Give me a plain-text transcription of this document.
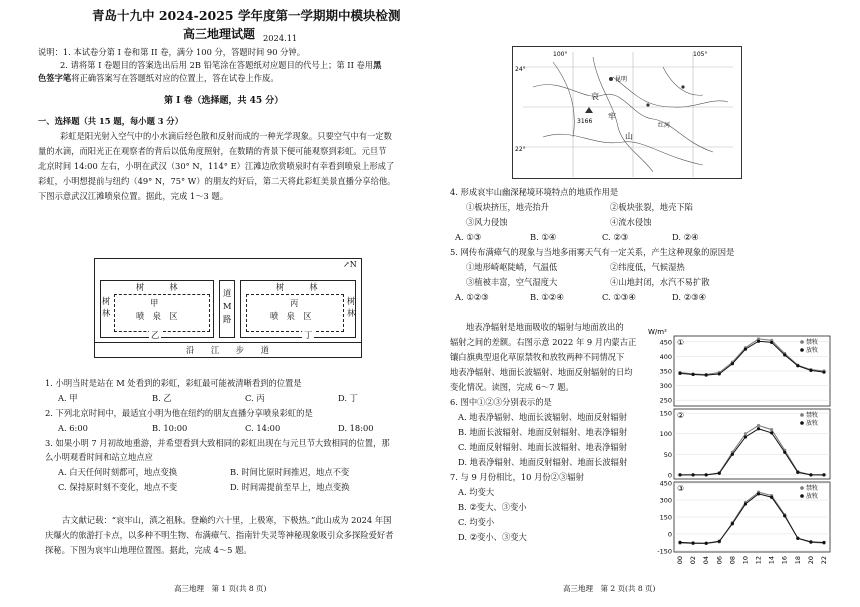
青岛十九中 2024-2025 学年度第一学期期中模块检测
高三地理试题 2024.11
说明：1. 本试卷分第 I 卷和第 II 卷，满分 100 分，答题时间 90 分钟。
2. 请将第 I 卷题目的答案选出后用 2B 铅笔涂在答题纸对应题目的代号上；第 II 卷用黑
色签字笔将正确答案写在答题纸对应的位置上，答在试卷上作废。
第 I 卷（选择题，共 45 分）
一、选择题（共 15 题，每小题 3 分）
彩虹是阳光射入空气中的小水滴后经色散和反射而成的一种光学现象。只要空气中有一定数
量的水滴，而阳光正在观察者的背后以低角度照射，在数睛的背景下便可能观察到彩虹。元旦节
北京时间 14:00 左右，小明在武汉（30° N，114° E）江滩边欣赏喷泉时有幸看到喷泉上形成了
彩虹，小明想提前与纽约（49° N，75° W）的朋友约好后，第二天将此彩虹美景直播分享给他。
下图示意武汉江滩喷泉位置。据此，完成 1～3 题。
↗N
树　　　林
树
林
甲
喷　泉　区
乙
道
M
路
树　　　林
树
林
丙
喷　泉　区
丁
沿　　江　　步　　道
1. 小明当时是站在 M 处看到的彩虹，彩虹最可能被清晰看到的位置是
A. 甲	B. 乙	C. 丙	D. 丁
2. 下列北京时间中，最适宜小明为他在纽约的朋友直播分享喷泉彩虹的是
A. 6:00	B. 10:00	C. 14:00	D. 18:00
3. 如果小明 7 月初故地重游，并希望看到大致相同的彩虹出现在与元旦节大致相同的位置，那
么小明观看时间和站立地点应
A. 白天任何时刻都可，地点变换	B. 时间比原时间推迟，地点不变
C. 保持原时刻不变化，地点不变	D. 时间需提前至早上，地点变换
古文献记载：“哀牢山，滇之祖脉。登巅约六十里，上极寒，下极热。”此山成为 2024 年国
庆爆火的旅游打卡点，以多种不明生物、布满瘴气、指南针失灵等神秘现象吸引众多探险爱好者
探秘。下图为哀牢山地理位置图。据此，完成 4～5 题。
高三地理　第 1 页(共 8 页)
100°	105°
24°
22°
昆明
3166
哀
牢
山
红河
4. 形成哀牢山幽深秘境环境特点的地质作用是
①板块挤压，地壳抬升	②板块张裂，地壳下陷
③风力侵蚀	④流水侵蚀
A. ①③	B. ①④	C. ②③	D. ②④
5. 网传布满瘴气的现象与当地多雨雾天气有一定关系，产生这种现象的原因是
①地形崎岖陡峭，气温低	②纬度低，气候湿热
③植被丰富，空气湿度大	④山地封闭，水汽不易扩散
A. ①②③	B. ①②④	C. ①③④	D. ②③④
地表净辐射是地面吸收的辐射与地面放出的
辐射之间的差额。右图示意 2022 年 9 月内蒙古正
镶白旗典型退化草原禁牧和放牧两种不同情况下
地表净辐射、地面长波辐射、地面反射辐射的日均
变化情况。读图，完成 6～7 题。
6. 图中①②③分别表示的是
A. 地表净辐射、地面长波辐射、地面反射辐射
B. 地面长波辐射、地面反射辐射、地表净辐射
C. 地面反射辐射、地面长波辐射、地表净辐射
D. 地表净辐射、地面反射辐射、地面长波辐射
7. 与 9 月份相比，10 月份②③辐射
A. 均变大
B. ②变大、③变小
C. 均变小
D. ②变小、③变大
W/m²
250
300
350
400
450 ①	禁牧
放牧
0
50
100
150 ②	禁牧
放牧
-150
0
150
300
450
③	禁牧
放牧
00 02 04 06 08 10 12 14 16 18 20 22
高三地理　第 2 页(共 8 页)
